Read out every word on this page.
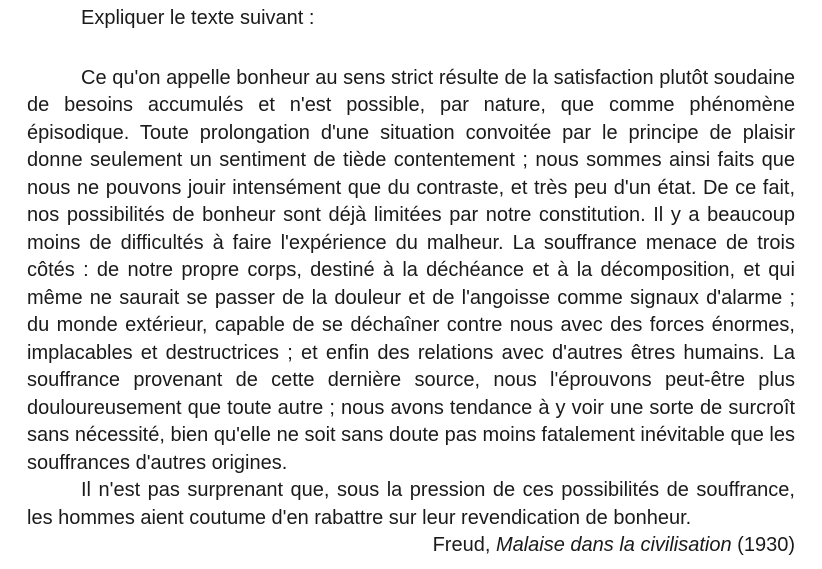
Expliquer le texte suivant :

Ce qu'on appelle bonheur au sens strict résulte de la satisfaction plutôt soudaine de besoins accumulés et n'est possible, par nature, que comme phénomène épisodique. Toute prolongation d'une situation convoitée par le principe de plaisir donne seulement un sentiment de tiède contentement ; nous sommes ainsi faits que nous ne pouvons jouir intensément que du contraste, et très peu d'un état. De ce fait, nos possibilités de bonheur sont déjà limitées par notre constitution. Il y a beaucoup moins de difficultés à faire l'expérience du malheur. La souffrance menace de trois côtés : de notre propre corps, destiné à la déchéance et à la décomposition, et qui même ne saurait se passer de la douleur et de l'angoisse comme signaux d'alarme ; du monde extérieur, capable de se déchaîner contre nous avec des forces énormes, implacables et destructrices ; et enfin des relations avec d'autres êtres humains. La souffrance provenant de cette dernière source, nous l'éprouvons peut-être plus douloureusement que toute autre ; nous avons tendance à y voir une sorte de surcroît sans nécessité, bien qu'elle ne soit sans doute pas moins fatalement inévitable que les souffrances d'autres origines.

Il n'est pas surprenant que, sous la pression de ces possibilités de souffrance, les hommes aient coutume d'en rabattre sur leur revendication de bonheur.

Freud, Malaise dans la civilisation (1930)
